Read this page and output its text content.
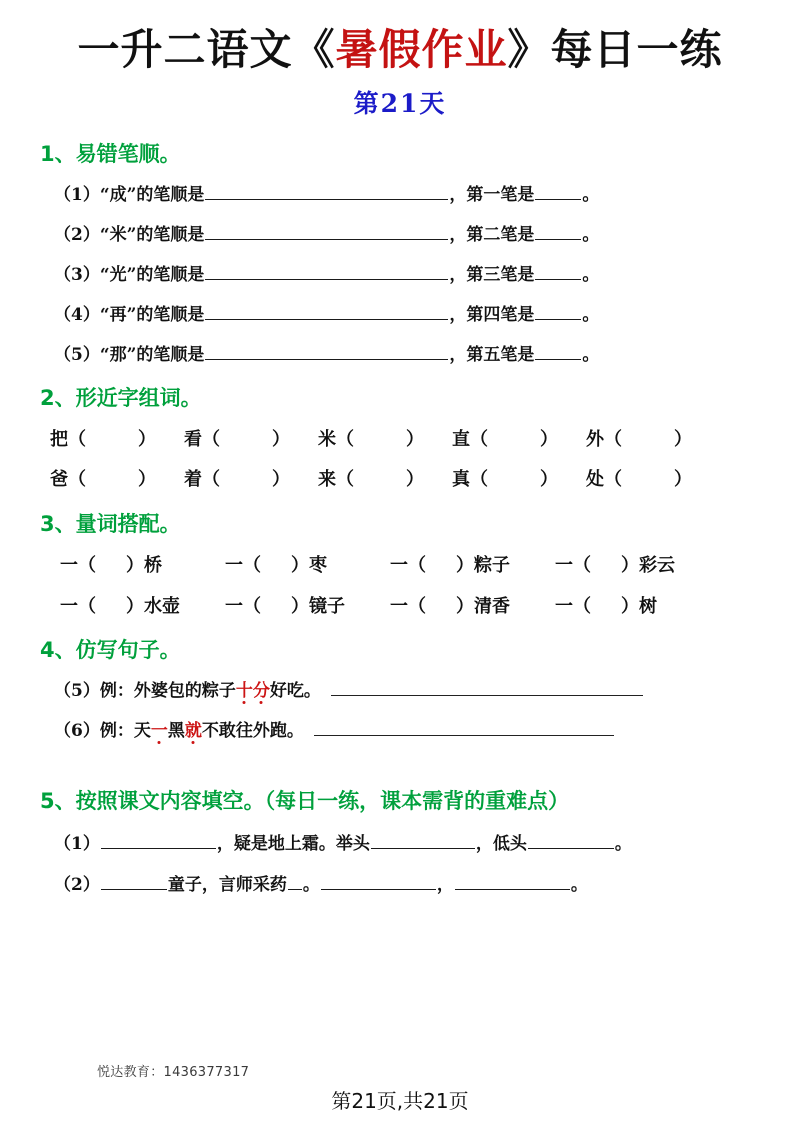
一升二语文《暑假作业》每日一练
第21天
1、易错笔顺。
（1） “成” 的笔顺是	，第一笔是	。
（2） “米” 的笔顺是	，第二笔是	。
（3） “光” 的笔顺是	，第三笔是	。
（4） “再” 的笔顺是	，第四笔是	。
（5） “那” 的笔顺是	，第五笔是	。
2、形近字组词。
把（	）	看（	）	米（	）	直（	）	外（	）
爸（	）	着（	）	来（	）	真（	）	处（	）
3、量词搭配。
一（ ）桥	一（ ）枣	一（ ）粽子	一（ ）彩云
一（ ）水壶	一（ ）镜子	一（ ）清香	一（ ）树
4、仿写句子。
（5） 例： 外婆包的粽子 十 分 好吃。
（6） 例： 天 一 黑 就 不敢往外跑。
5、按照课文内容填空。（每日一练，课本需背的重难点）
（1）	，疑是地上霜。举头	，低头	。
（2）	童子，言师采药 。	，	。
悦达教育：1436377317
第21页,共21页
